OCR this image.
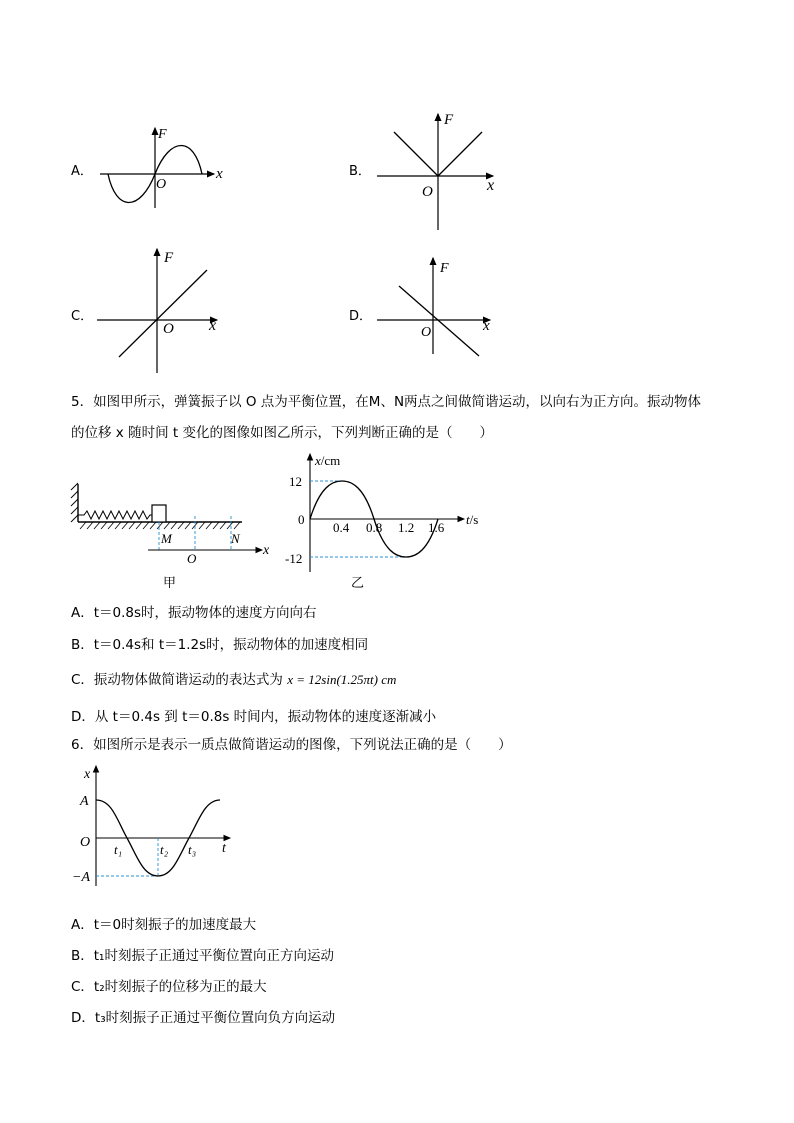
A．
F
x
O
B．
F
x
O
C．
F
x
O
D．
F
x
O
5．如图甲所示，弹簧振子以 O 点为平衡位置，在M、N两点之间做简谐运动，以向右为正方向。振动物体
的位移 x 随时间 t 变化的图像如图乙所示，下列判断正确的是（　　）
M
O
N
x
甲
x/cm
t/s
12
0
-12
0.4 0.8 1.2 1.6
乙
A．t＝0.8s时，振动物体的速度方向向右
B．t＝0.4s和 t＝1.2s时，振动物体的加速度相同
C．振动物体做简谐运动的表达式为 x = 12sin(1.25πt) cm
D．从 t＝0.4s 到 t＝0.8s 时间内，振动物体的速度逐渐减小
6．如图所示是表示一质点做简谐运动的图像，下列说法正确的是（　　）
x
A
O
−A
t
t₁	t₂ t₃
A．t＝0时刻振子的加速度最大
B．t₁时刻振子正通过平衡位置向正方向运动
C．t₂时刻振子的位移为正的最大
D．t₃时刻振子正通过平衡位置向负方向运动
